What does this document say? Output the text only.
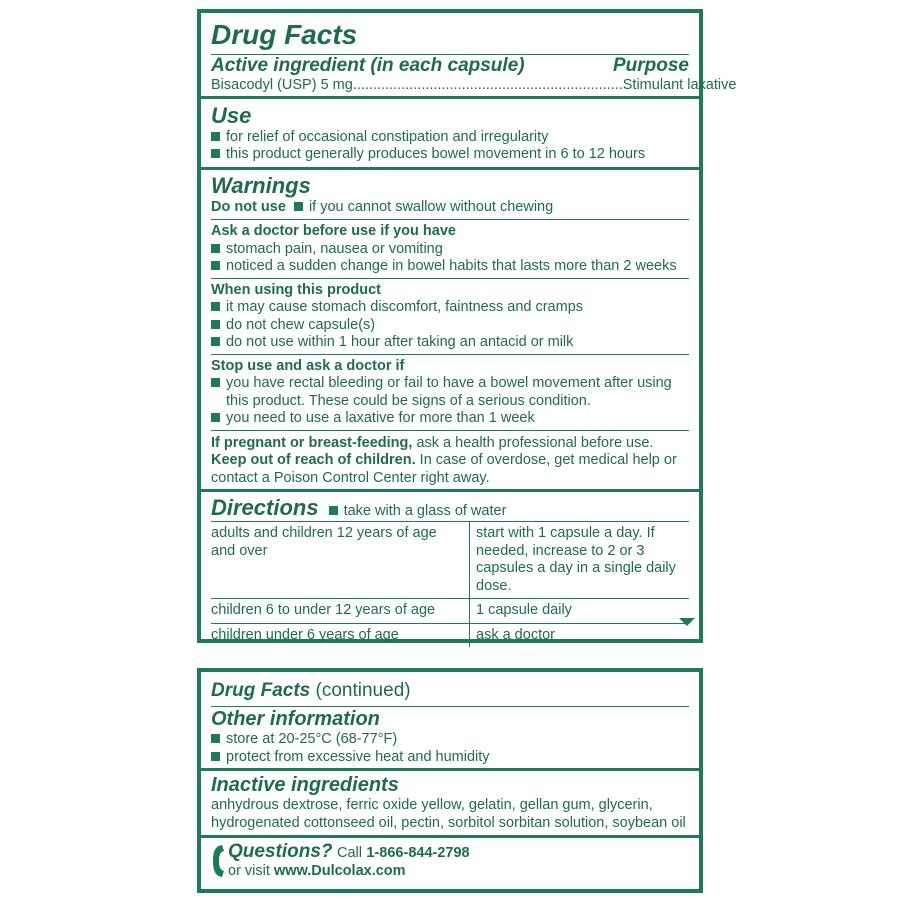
Drug Facts
Active ingredient (in each capsule)	Purpose
Bisacodyl (USP) 5 mg ................................................................... Stimulant laxative
Use
for relief of occasional constipation and irregularity
this product generally produces bowel movement in 6 to 12 hours
Warnings
Do not use if you cannot swallow without chewing
Ask a doctor before use if you have
stomach pain, nausea or vomiting
noticed a sudden change in bowel habits that lasts more than 2 weeks
When using this product
it may cause stomach discomfort, faintness and cramps
do not chew capsule(s)
do not use within 1 hour after taking an antacid or milk
Stop use and ask a doctor if
you have rectal bleeding or fail to have a bowel movement after using this product. These could be signs of a serious condition.
you need to use a laxative for more than 1 week
If pregnant or breast-feeding, ask a health professional before use.
Keep out of reach of children. In case of overdose, get medical help or contact a Poison Control Center right away.
Directions	take with a glass of water
adults and children 12 years of age and over	start with 1 capsule a day. If needed, increase to 2 or 3 capsules a day in a single daily dose.
children 6 to under 12 years of age	1 capsule daily
children under 6 years of age	ask a doctor
Drug Facts (continued)
Other information
store at 20-25°C (68-77°F)
protect from excessive heat and humidity
Inactive ingredients
anhydrous dextrose, ferric oxide yellow, gelatin, gellan gum, glycerin, hydrogenated cottonseed oil, pectin, sorbitol sorbitan solution, soybean oil
Questions? Call 1-866-844-2798
or visit www.Dulcolax.com
